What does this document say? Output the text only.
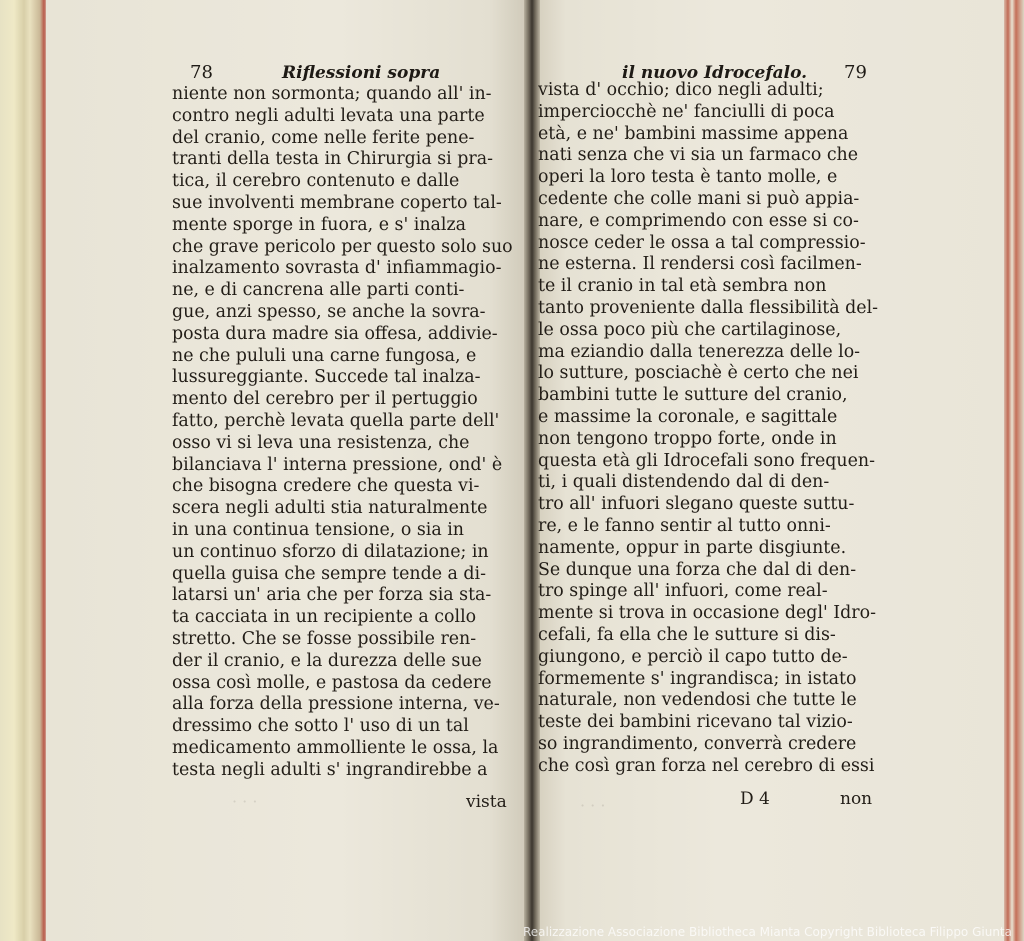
· · ·	· · ·
78	Riflessioni sopra	il nuovo Idrocefalo. 79
niente non sormonta; quando all' in-
contro negli adulti levata una parte
del cranio, come nelle ferite pene-
tranti della testa in Chirurgia si pra-
tica, il cerebro contenuto e dalle
sue involventi membrane coperto tal-
mente sporge in fuora, e s' inalza
che grave pericolo per questo solo suo
inalzamento sovrasta d' infiammagio-
ne, e di cancrena alle parti conti-
gue, anzi spesso, se anche la sovra-
posta dura madre sia offesa, addivie-
ne che pululi una carne fungosa, e
lussureggiante. Succede tal inalza-
mento del cerebro per il pertuggio
fatto, perchè levata quella parte dell'
osso vi si leva una resistenza, che
bilanciava l' interna pressione, ond' è
che bisogna credere che questa vi-
scera negli adulti stia naturalmente
in una continua tensione, o sia in
un continuo sforzo di dilatazione; in
quella guisa che sempre tende a di-
latarsi un' aria che per forza sia sta-
ta cacciata in un recipiente a collo
stretto. Che se fosse possibile ren-
der il cranio, e la durezza delle sue
ossa così molle, e pastosa da cedere
alla forza della pressione interna, ve-
dressimo che sotto l' uso di un tal
medicamento ammolliente le ossa, la
testa negli adulti s' ingrandirebbe a
vista
vista d' occhio; dico negli adulti;
imperciocchè ne' fanciulli di poca
età, e ne' bambini massime appena
nati senza che vi sia un farmaco che
operi la loro testa è tanto molle, e
cedente che colle mani si può appia-
nare, e comprimendo con esse si co-
nosce ceder le ossa a tal compressio-
ne esterna. Il rendersi così facilmen-
te il cranio in tal età sembra non
tanto proveniente dalla flessibilità del-
le ossa poco più che cartilaginose,
ma eziandio dalla tenerezza delle lo-
lo sutture, posciachè è certo che nei
bambini tutte le sutture del cranio,
e massime la coronale, e sagittale
non tengono troppo forte, onde in
questa età gli Idrocefali sono frequen-
ti, i quali distendendo dal di den-
tro all' infuori slegano queste suttu-
re, e le fanno sentir al tutto onni-
namente, oppur in parte disgiunte.
Se dunque una forza che dal di den-
tro spinge all' infuori, come real-
mente si trova in occasione degl' Idro-
cefali, fa ella che le sutture si dis-
giungono, e perciò il capo tutto de-
formemente s' ingrandisca; in istato
naturale, non vedendosi che tutte le
teste dei bambini ricevano tal vizio-
so ingrandimento, converrà credere
che così gran forza nel cerebro di essi
D 4	non
Realizzazione Associazione Bibliotheca Mianta Copyright Biblioteca Filippo Giunta
